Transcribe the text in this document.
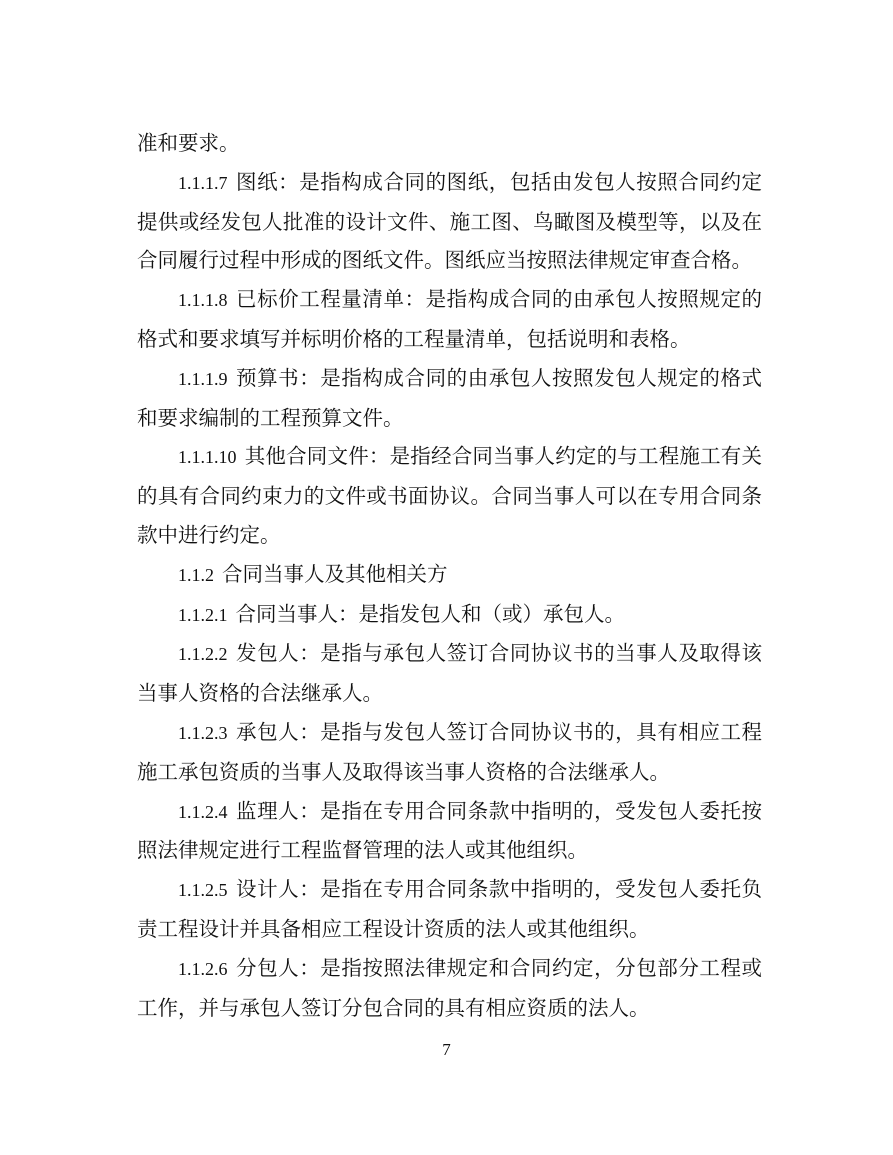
准和要求。

1.1.1.7 图纸：是指构成合同的图纸，包括由发包人按照合同约定提供或经发包人批准的设计文件、施工图、鸟瞰图及模型等，以及在合同履行过程中形成的图纸文件。图纸应当按照法律规定审查合格。

1.1.1.8 已标价工程量清单：是指构成合同的由承包人按照规定的格式和要求填写并标明价格的工程量清单，包括说明和表格。

1.1.1.9 预算书：是指构成合同的由承包人按照发包人规定的格式和要求编制的工程预算文件。

1.1.1.10 其他合同文件：是指经合同当事人约定的与工程施工有关的具有合同约束力的文件或书面协议。合同当事人可以在专用合同条款中进行约定。

1.1.2 合同当事人及其他相关方

1.1.2.1 合同当事人：是指发包人和（或）承包人。

1.1.2.2 发包人：是指与承包人签订合同协议书的当事人及取得该当事人资格的合法继承人。

1.1.2.3 承包人：是指与发包人签订合同协议书的，具有相应工程施工承包资质的当事人及取得该当事人资格的合法继承人。

1.1.2.4 监理人：是指在专用合同条款中指明的，受发包人委托按照法律规定进行工程监督管理的法人或其他组织。

1.1.2.5 设计人：是指在专用合同条款中指明的，受发包人委托负责工程设计并具备相应工程设计资质的法人或其他组织。

1.1.2.6 分包人：是指按照法律规定和合同约定，分包部分工程或工作，并与承包人签订分包合同的具有相应资质的法人。

7
